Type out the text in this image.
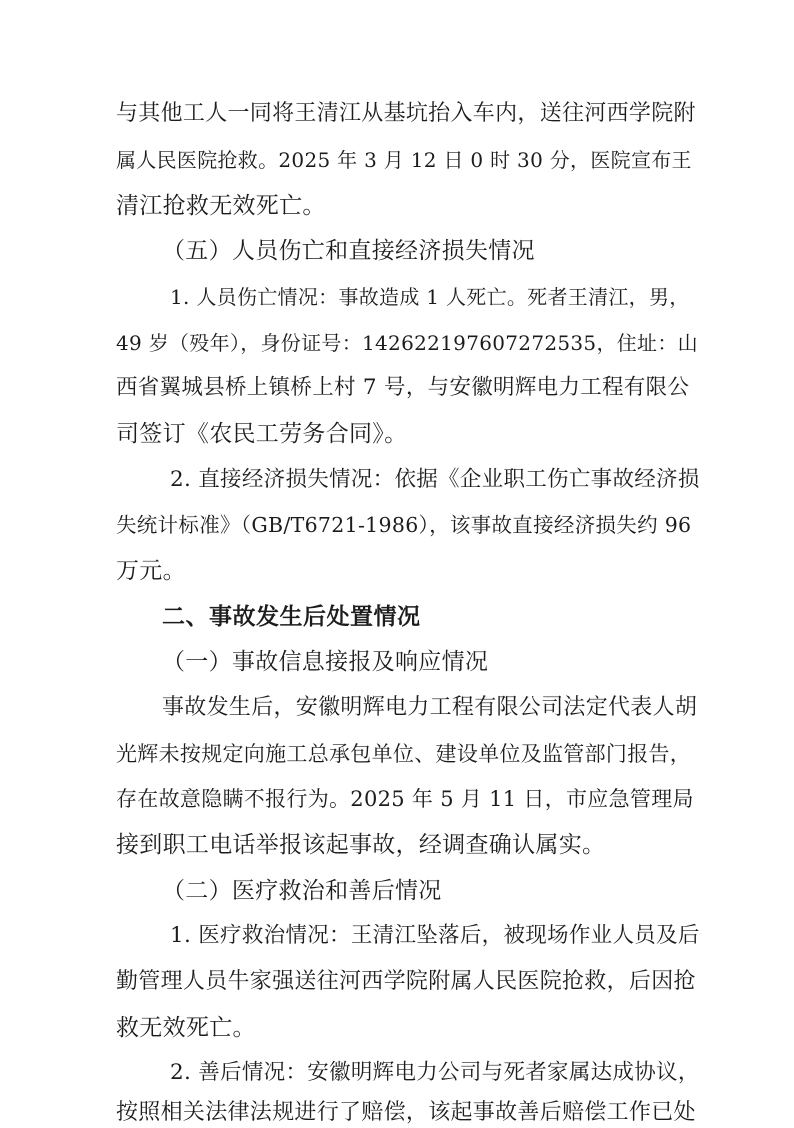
与其他工人一同将王清江从基坑抬入车内，送往河西学院附
属人民医院抢救。2025 年 3 月 12 日 0 时 30 分，医院宣布王
清江抢救无效死亡。
（五）人员伤亡和直接经济损失情况
1. 人员伤亡情况：事故造成 1 人死亡。死者王清江，男，
49 岁（殁年），身份证号：142622197607272535，住址：山
西省翼城县桥上镇桥上村 7 号，与安徽明辉电力工程有限公
司签订《农民工劳务合同》。
2. 直接经济损失情况：依据《企业职工伤亡事故经济损
失统计标准》（GB/T6721-1986），该事故直接经济损失约 96
万元。
二、事故发生后处置情况
（一）事故信息接报及响应情况
事故发生后，安徽明辉电力工程有限公司法定代表人胡
光辉未按规定向施工总承包单位、建设单位及监管部门报告，
存在故意隐瞒不报行为。2025 年 5 月 11 日，市应急管理局
接到职工电话举报该起事故，经调查确认属实。
（二）医疗救治和善后情况
1. 医疗救治情况：王清江坠落后，被现场作业人员及后
勤管理人员牛家强送往河西学院附属人民医院抢救，后因抢
救无效死亡。
2. 善后情况：安徽明辉电力公司与死者家属达成协议，
按照相关法律法规进行了赔偿，该起事故善后赔偿工作已处
